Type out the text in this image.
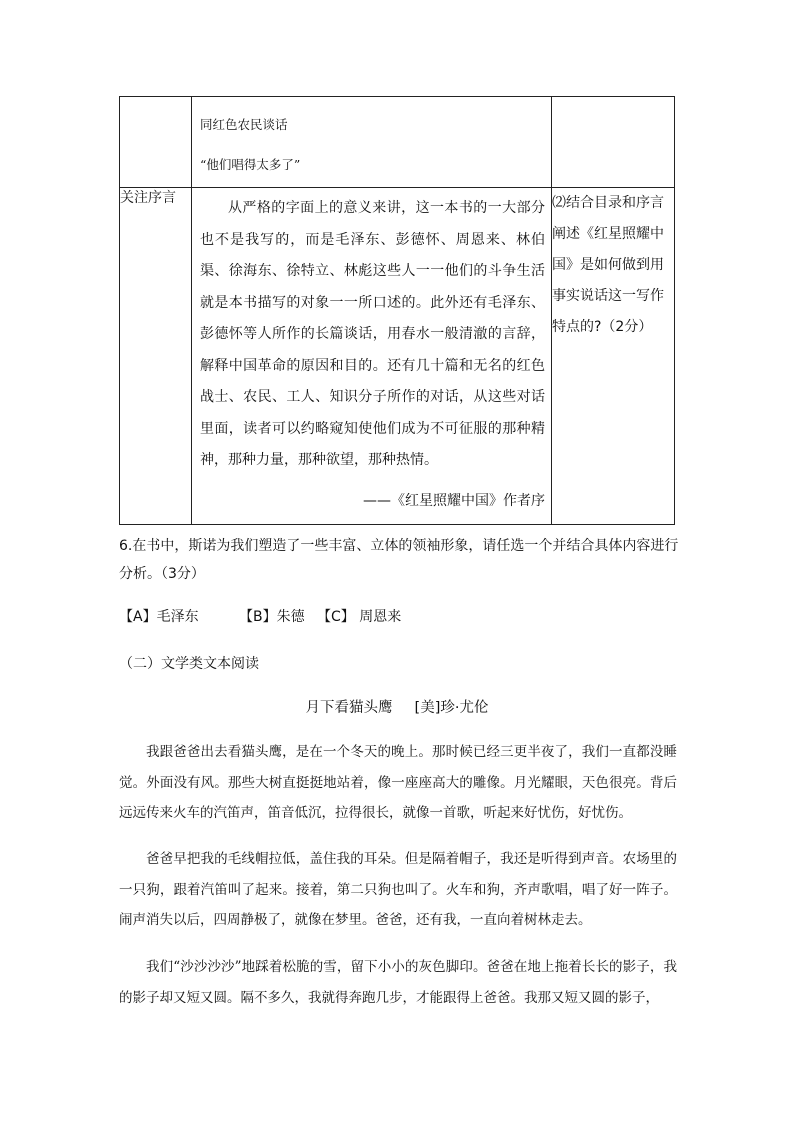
	同红色农民谈话
“他们唱得太多了”	

关注序言	从严格的字面上的意义来讲，这一本书的一大部分也不是我写的，而是毛泽东、彭德怀、周恩来、林伯渠、徐海东、徐特立、林彪这些人一一他们的斗争生活就是本书描写的对象一一所口述的。此外还有毛泽东、彭德怀等人所作的长篇谈话，用春水一般清澈的言辞，解释中国革命的原因和目的。还有几十篇和无名的红色战士、农民、工人、知识分子所作的对话，从这些对话里面，读者可以约略窥知使他们成为不可征服的那种精神，那种力量，那种欲望，那种热情。

——《红星照耀中国》作者序	⑵结合目录和序言阐述《红星照耀中国》是如何做到用事实说话这一写作特点的?（2分）
6.在书中，斯诺为我们塑造了一些丰富、立体的领袖形象，请任选一个并结合具体内容进行分析。（3分）
【A】毛泽东	【B】朱德 【C】 周恩来
（二）文学类文本阅读
月下看猫头鹰 [美]珍·尤伦

我跟爸爸出去看猫头鹰，是在一个冬天的晚上。那时候已经三更半夜了，我们一直都没睡觉。外面没有风。那些大树直挺挺地站着，像一座座高大的雕像。月光耀眼，天色很亮。背后远远传来火车的汽笛声，笛音低沉，拉得很长，就像一首歌，听起来好忧伤，好忧伤。

爸爸早把我的毛线帽拉低，盖住我的耳朵。但是隔着帽子，我还是听得到声音。农场里的一只狗，跟着汽笛叫了起来。接着，第二只狗也叫了。火车和狗，齐声歌唱，唱了好一阵子。闹声消失以后，四周静极了，就像在梦里。爸爸，还有我，一直向着树林走去。

我们“沙沙沙沙”地踩着松脆的雪，留下小小的灰色脚印。爸爸在地上拖着长长的影子，我的影子却又短又圆。隔不多久，我就得奔跑几步，才能跟得上爸爸。我那又短又圆的影子，
